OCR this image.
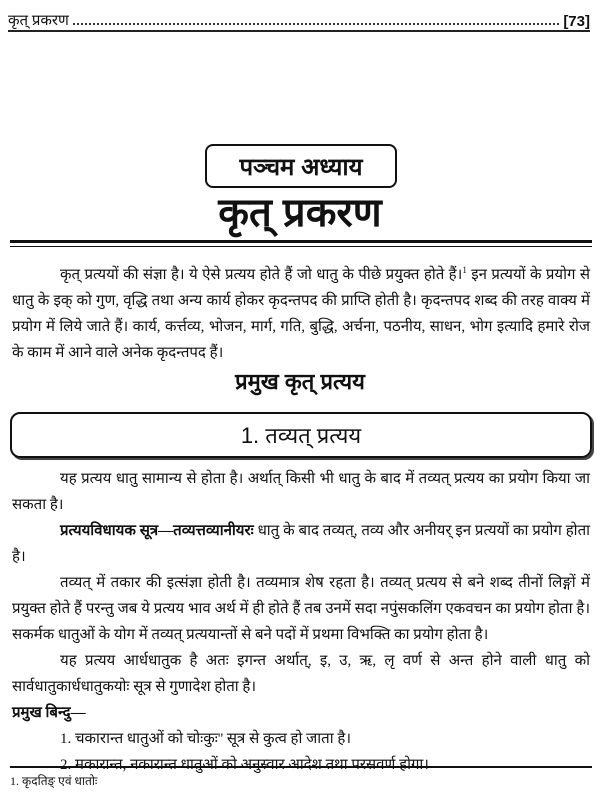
कृत् प्रकरण	[73]
पञ्चम अध्याय
कृत् प्रकरण
कृत् प्रत्ययों की संज्ञा है। ये ऐसे प्रत्यय होते हैं जो धातु के पीछे प्रयुक्त होते हैं।$^1$ इन प्रत्ययों के प्रयोग से धातु के इक् को गुण, वृद्धि तथा अन्य कार्य होकर कृदन्तपद की प्राप्ति होती है। कृदन्तपद शब्द की तरह वाक्य में प्रयोग में लिये जाते हैं। कार्य, कर्त्तव्य, भोजन, मार्ग, गति, बुद्धि, अर्चना, पठनीय, साधन, भोग इत्यादि हमारे रोज के काम में आने वाले अनेक कृदन्तपद हैं।
प्रमुख कृत् प्रत्यय
1. तव्यत् प्रत्यय
यह प्रत्यय धातु सामान्य से होता है। अर्थात् किसी भी धातु के बाद में तव्यत् प्रत्यय का प्रयोग किया जा सकता है।
प्रत्ययविधायक सूत्र—तव्यत्तव्यानीयरः धातु के बाद तव्यत्, तव्य और अनीयर् इन प्रत्ययों का प्रयोग होता है।
तव्यत् में तकार की इत्संज्ञा होती है। तव्यमात्र शेष रहता है। तव्यत् प्रत्यय से बने शब्द तीनों लिङ्गों में प्रयुक्त होते हैं परन्तु जब ये प्रत्यय भाव अर्थ में ही होते हैं तब उनमें सदा नपुंसकलिंग एकवचन का प्रयोग होता है। सकर्मक धातुओं के योग में तव्यत् प्रत्ययान्तों से बने पदों में प्रथमा विभक्ति का प्रयोग होता है।
यह प्रत्यय आर्धधातुक है अतः इगन्त अर्थात्, इ, उ, ऋ, लृ वर्ण से अन्त होने वाली धातु को सार्वधातुकार्धधातुकयोः सूत्र से गुणादेश होता है।
प्रमुख बिन्दु—
1. चकारान्त धातुओं को चोःकुः'' सूत्र से कुत्व हो जाता है।
2. मकारान्त, नकारान्त धातुओं को अनुस्वार आदेश तथा परसवर्ण होगा।
1. कृदतिङ् एवं धातोः
